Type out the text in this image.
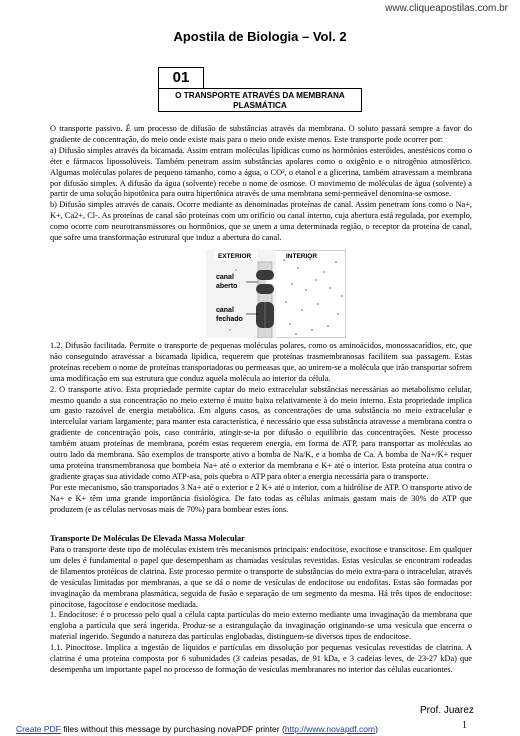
www.cliqueapostilas.com.br
Apostila de Biologia – Vol. 2
01
O TRANSPORTE ATRAVÉS DA MEMBRANA PLASMÁTICA

O transporte passivo. É um processo de difusão de substâncias através da membrana. O soluto passará sempre a favor do gradiente de concentração, do meio onde existe mais para o meio onde existe menos. Este transporte pode ocorrer por:

a) Difusão simples através da bicamada. Assim entram moléculas lipídicas como os hormônios esteróides, anestésicos como o éter e fármacos lipossolúveis. Também penetram assim substâncias apolares como o oxigênio e o nitrogênio atmosférico. Algumas moléculas polares de pequeno tamanho, como a água, o CO², o etanol e a glicerina, também atravessam a membrana por difusão simples. A difusão da água (solvente) recebe o nome de osmose. O movimento de moléculas de água (solvente) a partir de uma solução hipotônica para outra hipertônica através de uma membrana semi-permeável denomina-se osmose.

b) Difusão simples através de canais. Ocorre mediante as denominadas proteínas de canal. Assim penetram íons como o Na+, K+, Ca2+, Cl-. As proteínas de canal são proteínas com um orifício ou canal interno, cuja abertura está regulada, por exemplo, como ocorre com neurotransmissores ou hormônios, que se unem a uma determinada região, o receptor da proteína de canal, que sofre uma transformação estrutural que induz a abertura do canal.

EXTERIOR	INTERIOR
canal
aberto
canal
fechado

1.2. Difusão facilitada. Permite o transporte de pequenas moléculas polares, como os aminoácidos, monossacarídios, etc, que não conseguindo atravessar a bicamada lipídica, requerem que proteínas trasmembranosas facilitem sua passagem. Estas proteínas recebem o nome de proteínas transportadoras ou permeasas que, ao unirem-se a molécula que irão transportar sofrem uma modificação em sua estrutura que conduz aquela molécula ao interior da célula.

2. O transporte ativo. Esta propriedade permite captar do meio extracelular substâncias necessárias ao metabolismo celular, mesmo quando a sua concentração no meio externo é muito baixa relativamente à do meio interno. Esta propriedade implica um gasto razoável de energia metabólica. Em alguns casos, as concentrações de uma substância no meio extracelular e intercelular variam largamente; para manter esta característica, é necessário que essa substância atravesse a membrana contra o gradiente de concentração pois, caso contrário, atingir-se-ia por difusão o equilíbrio das concentrações. Neste processo também atuam proteínas de membrana, porém estas requerem energia, em forma de ATP, para transportar as moléculas ao outro lado da membrana. São exemplos de transporte ativo a bomba de Na/K, e a bomba de Ca. A bomba de Na+/K+ requer uma proteína transmembranosa que bombeia Na+ até o exterior da membrana e K+ até o interior. Esta proteína atua contra o gradiente graças sua atividade como ATP-asa, pois quebra o ATP para obter a energia necessária para o transporte.

Por este mecanismo, são transportados 3 Na+ até o exterior e 2 K+ até o interior, com a hidrólise de ATP. O transporte ativo de Na+ e K+ têm uma grande importância fisiológica. De fato todas as células animais gastam mais de 30% do ATP que produzem (e as células nervosas mais de 70%) para bombear estes íons.

Transporte De Moléculas De Elevada Massa Molecular

Para o transporte deste tipo de moléculas existem três mecanismos principais: endocitose, exocitose e transcitose. Em qualquer um deles é fundamental o papel que desempenham as chamadas vesículas revestidas. Estas vesículas se encontram rodeadas de filamentos protéicos de clatrina. Este processo permite o transporte de substâncias do meio extra-para o intracelular, através de vesículas limitadas por membranas, a que se dá o nome de vesículas de endocitose ou endofitas. Estas são formadas por invaginação da membrana plasmática, seguida de fusão e separação de um segmento da mesma. Há três tipos de endocitose: pinocitose, fagocitose e endocitose mediada.

1. Endocitose: é o processo pelo qual a célula capta partículas do meio externo mediante uma invaginação da membrana que engloba a partícula que será ingerida. Produz-se a estrangulação da invaginação originando-se uma vesícula que encerra o material ingerido. Segundo a natureza das partículas englobadas, distinguem-se diversos tipos de endocitose.

1.1. Pinocitose. Implica a ingestão de líquidos e partículas em dissolução por pequenas vesículas revestidas de clatrina. A clatrina é uma proteína composta por 6 subunidades (3 cadeias pesadas, de 91 kDa, e 3 cadeias leves, de 23-27 kDa) que desempenha um importante papel no processo de formação de vesículas membranares no interior das células eucariontes.

Prof. Juarez
1
Create PDF files without this message by purchasing novaPDF printer (http://www.novapdf.com)
